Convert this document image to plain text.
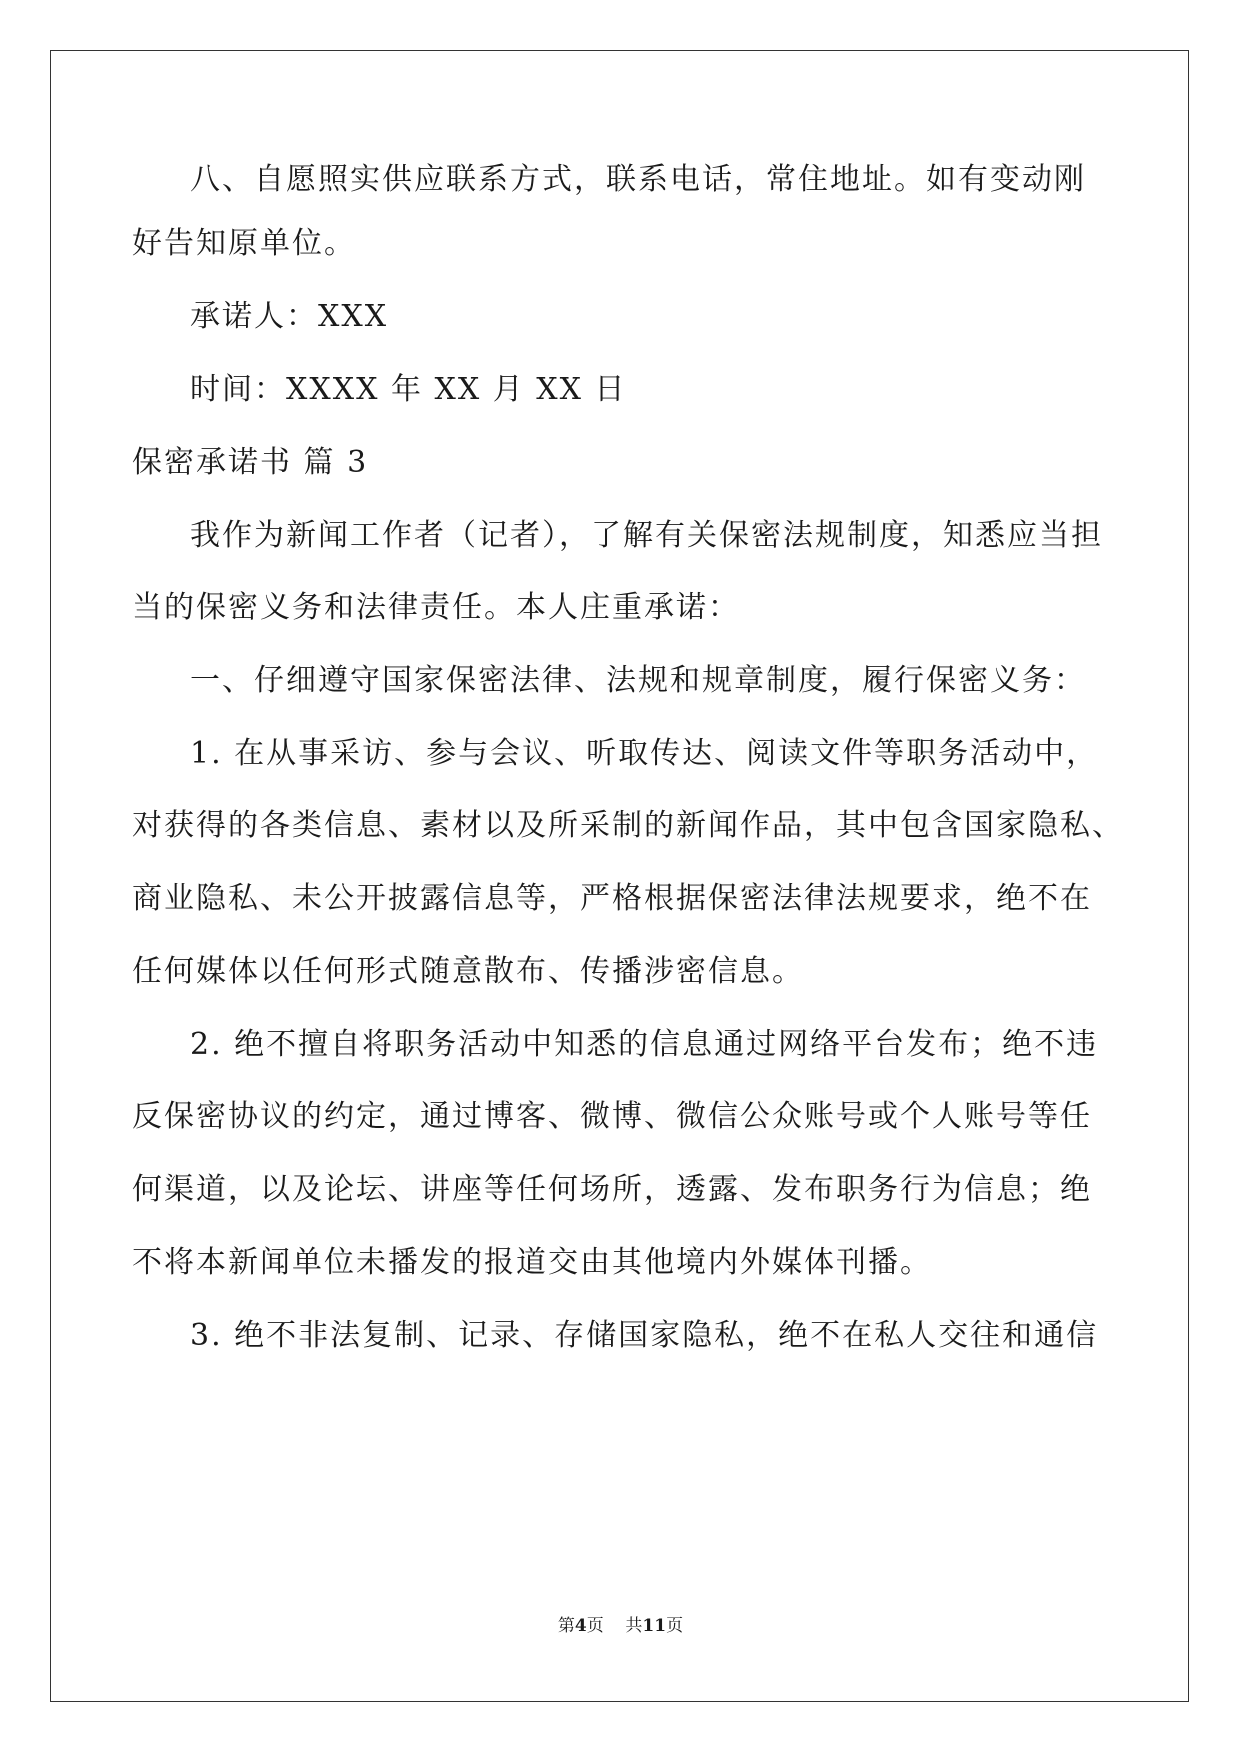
八、自愿照实供应联系方式，联系电话，常住地址。如有变动刚
好告知原单位。
承诺人：XXX
时间：XXXX 年 XX 月 XX 日
保密承诺书 篇 3
我作为新闻工作者（记者），了解有关保密法规制度，知悉应当担
当的保密义务和法律责任。本人庄重承诺：
一、仔细遵守国家保密法律、法规和规章制度，履行保密义务：
1. 在从事采访、参与会议、听取传达、阅读文件等职务活动中，
对获得的各类信息、素材以及所采制的新闻作品，其中包含国家隐私、
商业隐私、未公开披露信息等，严格根据保密法律法规要求，绝不在
任何媒体以任何形式随意散布、传播涉密信息。
2. 绝不擅自将职务活动中知悉的信息通过网络平台发布；绝不违
反保密协议的约定，通过博客、微博、微信公众账号或个人账号等任
何渠道，以及论坛、讲座等任何场所，透露、发布职务行为信息；绝
不将本新闻单位未播发的报道交由其他境内外媒体刊播。
3. 绝不非法复制、记录、存储国家隐私，绝不在私人交往和通信
第4页    共11页
